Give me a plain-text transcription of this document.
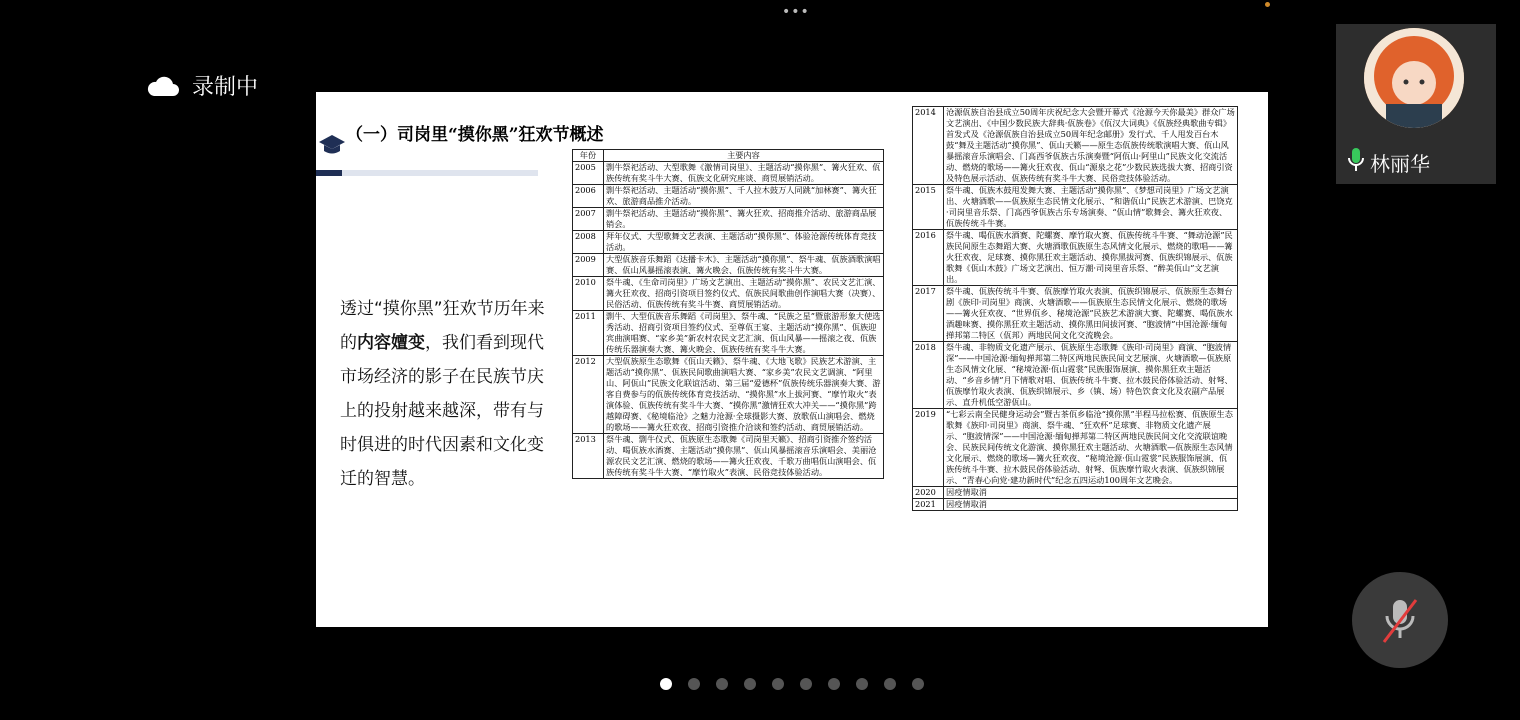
•••
录制中
（一）司岗里“摸你黑”狂欢节概述
透过“摸你黑”狂欢节历年来的内容嬗变，我们看到现代市场经济的影子在民族节庆上的投射越来越深，带有与时俱进的时代因素和文化变迁的智慧。
年份	主要内容
2005	剽牛祭祀活动、大型歌舞《激情司岗里》、主题活动“摸你黑”、篝火狂欢、佤族传统有奖斗牛大赛、佤族文化研究座谈、商贸展销活动。
2006	剽牛祭祀活动、主题活动“摸你黑”、千人拉木鼓万人同跳“加林赛”、篝火狂欢、旅游商品推介活动。
2007	剽牛祭祀活动、主题活动“摸你黑”、篝火狂欢、招商推介活动、旅游商品展销会。
2008	拜年仪式、大型歌舞文艺表演、主题活动“摸你黑”、体验沧源传统体育竞技活动。
2009	大型佤族音乐舞蹈《达播卡木》、主题活动“摸你黑”、祭牛魂、佤族酒歌演唱赛、佤山风暴摇滚表演、篝火晚会、佤族传统有奖斗牛大赛。
2010	祭牛魂、《生命司岗里》广场文艺演出、主题活动“摸你黑”、农民文艺汇演、篝火狂欢夜、招商引资项目签约仪式、佤族民间歌曲创作演唱大赛（决赛）、民俗活动、佤族传统有奖斗牛赛、商贸展销活动。
2011	剽牛、大型佤族音乐舞蹈《司岗里》、祭牛魂、“民族之星”暨旅游形象大使选秀活动、招商引资项目签约仪式、至尊佤王宴、主题活动“摸你黑”、佤族迎宾曲演唱赛、“家乡美”新农村农民文艺汇演、佤山风暴——摇滚之夜、佤族传统乐器演奏大赛、篝火晚会、佤族传统有奖斗牛大赛。
2012	大型佤族原生态歌舞《佤山天籁》、祭牛魂、《大地飞歌》民族艺术游演、主题活动“摸你黑”、佤族民间歌曲演唱大赛、“家乡美”农民文艺调演、“阿里山、阿佤山”民族文化联谊活动、第三届“爱德杯”佤族传统乐器演奏大赛、游客自费参与的佤族传统体育竞技活动、“摸你黑”水上拔河赛、“摩竹取火”表演体验、佤族传统有奖斗牛大赛、“摸你黑”激情狂欢大冲关——“摸你黑”跨越障碍赛、《秘境临沧》之魅力沧源·全球摄影大赛、放歌佤山演唱会、燃烧的歌场——篝火狂欢夜、招商引资推介洽谈和签约活动、商贸展销活动。
2013	祭牛魂、剽牛仪式、佤族原生态歌舞《司岗里天籁》、招商引资推介签约活动、喝佤族水酒赛、主题活动“摸你黑”、佤山风暴摇滚音乐演唱会、美丽沧源农民文艺汇演、燃烧的歌场——篝火狂欢夜、千歌万曲唱佤山演唱会、佤族传统有奖斗牛大赛、“摩竹取火”表演、民俗竞技体验活动。
2014	沧源佤族自治县成立50周年庆祝纪念大会暨开幕式《沧源今天你最美》群众广场文艺演出、《中国少数民族大辞典·佤族卷》《佤汉大词典》《佤族经典歌曲专辑》首发式及《沧源佤族自治县成立50周年纪念邮册》发行式、千人甩发百台木鼓“舞及主题活动“摸你黑”、佤山天籁——原生态佤族传统歌演唱大赛、佤山风暴摇滚音乐演唱会、门高西爷佤族古乐演奏暨“阿佤山·阿里山”民族文化交流活动、燃烧的歌场——篝火狂欢夜、佤山“源泉之花”少数民族选拔大赛、招商引资及特色展示活动、佤族传统有奖斗牛大赛、民俗竞技体验活动。
2015	祭牛魂、佤族木鼓甩发舞大赛、主题活动“摸你黑”、《梦想司岗里》广场文艺演出、火塘酒歌——佤族原生态民情文化展示、“和谐佤山”民族艺术游演、巴饶克·司岗里音乐祭、门高西爷佤族古乐专场演奏、“佤山情”歌舞会、篝火狂欢夜、佤族传统斗牛赛。
2016	祭牛魂、喝佤族水酒赛、陀螺赛、摩竹取火赛、佤族传统斗牛赛、“舞动沧源”民族民间原生态舞蹈大赛、火塘酒歌佤族原生态风情文化展示、燃烧的歌唱——篝火狂欢夜、足球赛、摸你黑狂欢主题活动、摸你黑拔河赛、佤族织锦展示、佤族歌舞《佤山木鼓》广场文艺演出、恒万潮·司岗里音乐祭、“醉美佤山”文艺演出。
2017	祭牛魂、佤族传统斗牛赛、佤族摩竹取火表演、佤族织锦展示、佤族原生态舞台剧《族印·司岗里》商演、火塘酒歌——佤族原生态民情文化展示、燃烧的歌场——篝火狂欢夜、“世界佤乡、秘境沧源”民族艺术游演大赛、陀螺赛、喝佤族水酒趣味赛、摸你黑狂欢主题活动、摸你黑田间拔河赛、“胞波情”中国沧源·缅甸掸邦第二特区（佤邦）两地民间文化交流晚会。
2018	祭牛魂、非物质文化遗产展示、佤族原生态歌舞《族印·司岗里》商演、“胞波情深”——中国沧源·缅甸掸邦第二特区两地民族民间文艺展演、火塘酒歌—佤族原生态风情文化展、“秘境沧源·佤山霓裳”民族服饰展演、摸你黑狂欢主题活动、“乡音乡情”月下情歌对唱、佤族传统斗牛赛、拉木鼓民俗体验活动、射弩、佤族摩竹取火表演、佤族织锦展示、乡（镇、场）特色饮食文化及农副产品展示、直升机低空游佤山。
2019	“七彩云南全民健身运动会”暨古茶佤乡临沧“摸你黑”半程马拉松赛、佤族原生态歌舞《族印·司岗里》商演、祭牛魂、“狂欢杯”足球赛、非物质文化遗产展示、“胞波情深”——中国沧源·缅甸掸邦第二特区两地民族民间文化交流联谊晚会、民族民间传统文化游演、摸你黑狂欢主题活动、火塘酒歌—佤族原生态风情文化展示、燃烧的歌场—篝火狂欢夜、“秘境沧源·佤山霓裳”民族服饰展演、佤族传统斗牛赛、拉木鼓民俗体验活动、射弩、佤族摩竹取火表演、佤族织锦展示、“青春心向党·建功新时代”纪念五四运动100周年文艺晚会。
2020	因疫情取消
2021	因疫情取消
林丽华
